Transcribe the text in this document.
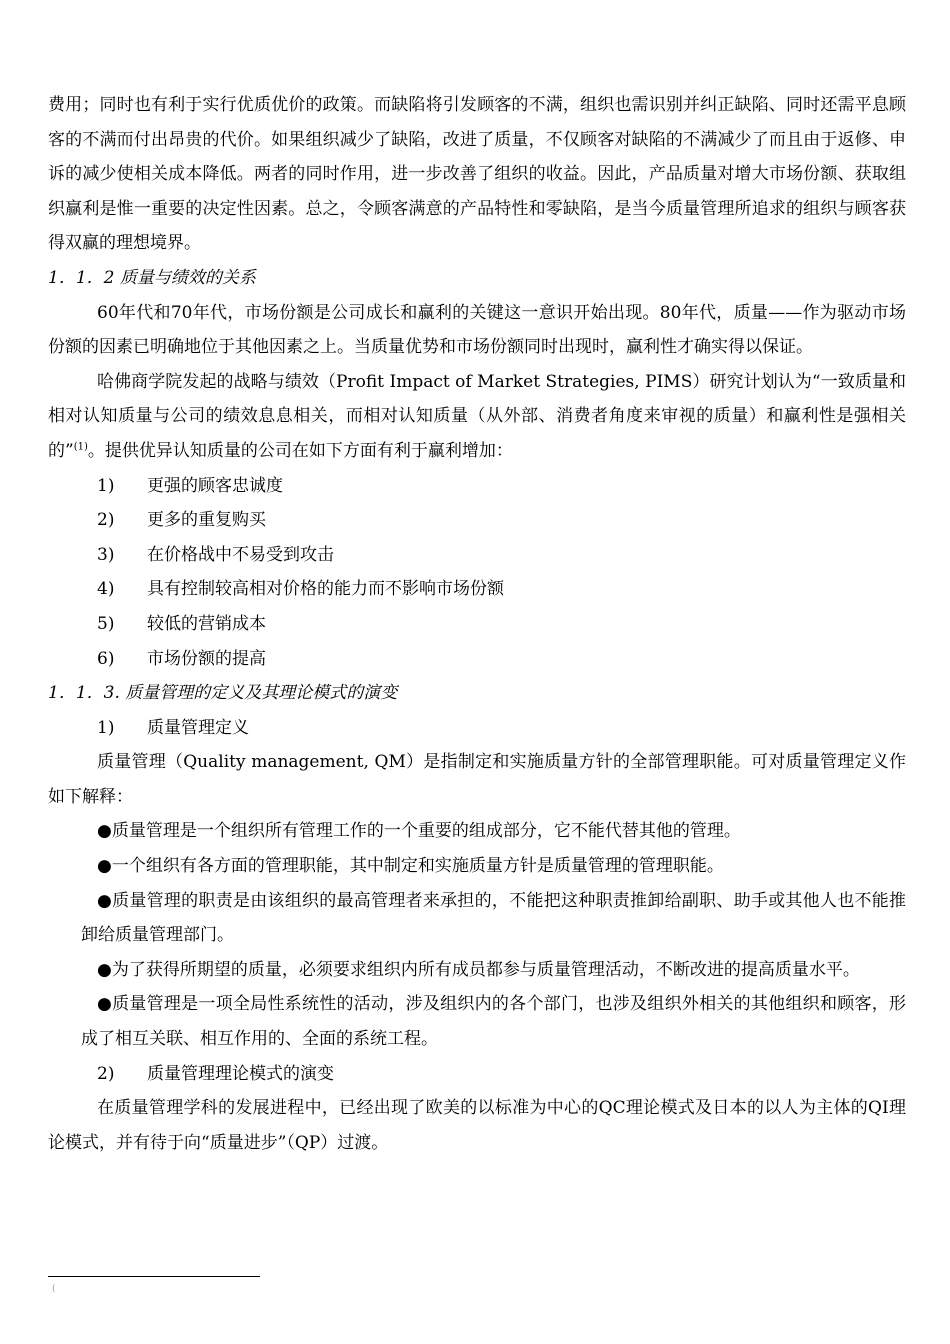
费用；同时也有利于实行优质优价的政策。而缺陷将引发顾客的不满，组织也需识别并纠正缺陷、同时还需平息顾客的不满而付出昂贵的代价。如果组织减少了缺陷，改进了质量，不仅顾客对缺陷的不满减少了而且由于返修、申诉的减少使相关成本降低。两者的同时作用，进一步改善了组织的收益。因此，产品质量对增大市场份额、获取组织赢利是惟一重要的决定性因素。总之，令顾客满意的产品特性和零缺陷，是当今质量管理所追求的组织与顾客获得双赢的理想境界。

1．1．2 质量与绩效的关系

60年代和70年代，市场份额是公司成长和赢利的关键这一意识开始出现。80年代，质量——作为驱动市场份额的因素已明确地位于其他因素之上。当质量优势和市场份额同时出现时，赢利性才确实得以保证。

哈佛商学院发起的战略与绩效（Profit Impact of Market Strategies, PIMS）研究计划认为“一致质量和相对认知质量与公司的绩效息息相关，而相对认知质量（从外部、消费者角度来审视的质量）和赢利性是强相关的”$^{(1)}$。提供优异认知质量的公司在如下方面有利于赢利增加：

1)	更强的顾客忠诚度

2)	更多的重复购买

3)	在价格战中不易受到攻击

4)	具有控制较高相对价格的能力而不影响市场份额

5)	较低的营销成本

6)	市场份额的提高

1．1．3. 质量管理的定义及其理论模式的演变

1)	质量管理定义

质量管理（Quality management, QM）是指制定和实施质量方针的全部管理职能。可对质量管理定义作如下解释：

●质量管理是一个组织所有管理工作的一个重要的组成部分，它不能代替其他的管理。

●一个组织有各方面的管理职能，其中制定和实施质量方针是质量管理的管理职能。

●质量管理的职责是由该组织的最高管理者来承担的，不能把这种职责推卸给副职、助手或其他人也不能推卸给质量管理部门。

●为了获得所期望的质量，必须要求组织内所有成员都参与质量管理活动，不断改进的提高质量水平。

●质量管理是一项全局性系统性的活动，涉及组织内的各个部门，也涉及组织外相关的其他组织和顾客，形成了相互关联、相互作用的、全面的系统工程。

2)	质量管理理论模式的演变

在质量管理学科的发展进程中，已经出现了欧美的以标准为中心的QC理论模式及日本的以人为主体的QI理论模式，并有待于向“质量进步”（QP）过渡。

(
